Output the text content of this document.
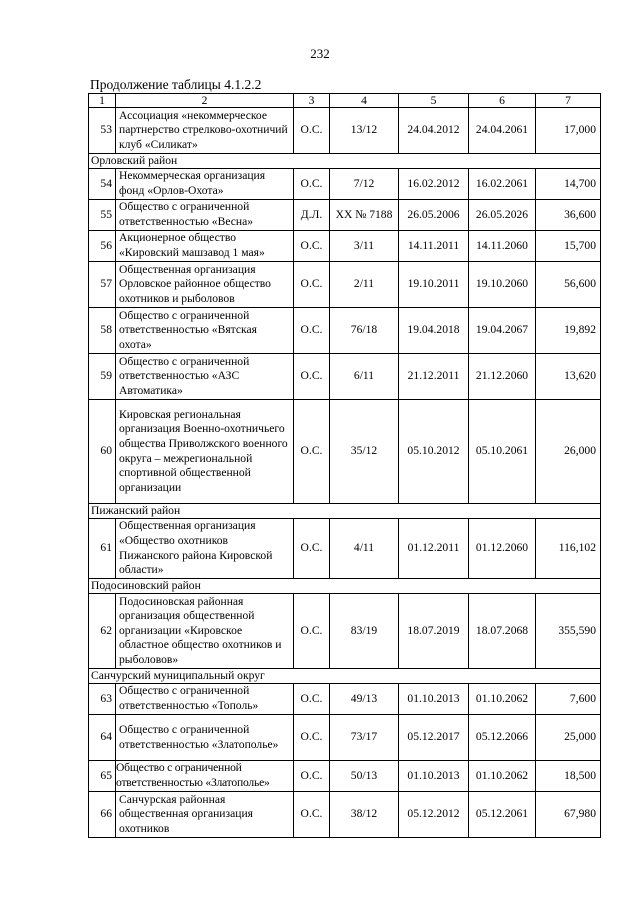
232
Продолжение таблицы 4.1.2.2
1	2	3	4	5	6	7
53	Ассоциация «некоммерческое партнерство стрелково-охотничий клуб «Силикат»	О.С.	13/12	24.04.2012	24.04.2061	17,000
Орловский район						
54	Некоммерческая организация фонд «Орлов-Охота»	О.С.	7/12	16.02.2012	16.02.2061	14,700
55	Общество с ограниченной ответственностью «Весна»	Д.Л.	XX № 7188	26.05.2006	26.05.2026	36,600
56	Акционерное общество «Кировский машзавод 1 мая»	О.С.	3/11	14.11.2011	14.11.2060	15,700
57	Общественная организация Орловское районное общество охотников и рыболовов	О.С.	2/11	19.10.2011	19.10.2060	56,600
58	Общество с ограниченной ответственностью «Вятская охота»	О.С.	76/18	19.04.2018	19.04.2067	19,892
59	Общество с ограниченной ответственностью «АЗС Автоматика»	О.С.	6/11	21.12.2011	21.12.2060	13,620
60	Кировская региональная организация Военно-охотничьего общества Приволжского военного округа – межрегиональной спортивной общественной организации	О.С.	35/12	05.10.2012	05.10.2061	26,000
Пижанский район						
61	Общественная организация «Общество охотников Пижанского района Кировской области»	О.С.	4/11	01.12.2011	01.12.2060	116,102
Подосиновский район						
62	Подосиновская районная организация общественной организации «Кировское областное общество охотников и рыболовов»	О.С.	83/19	18.07.2019	18.07.2068	355,590
Санчурский муниципальный округ						
63	Общество с ограниченной ответственностью «Тополь»	О.С.	49/13	01.10.2013	01.10.2062	7,600
64	Общество с ограниченной ответственностью «Златополье»	О.С.	73/17	05.12.2017	05.12.2066	25,000
65	Общество с ограниченной ответственностью «Златополье»	О.С.	50/13	01.10.2013	01.10.2062	18,500
66	Санчурская районная общественная организация охотников	О.С.	38/12	05.12.2012	05.12.2061	67,980
